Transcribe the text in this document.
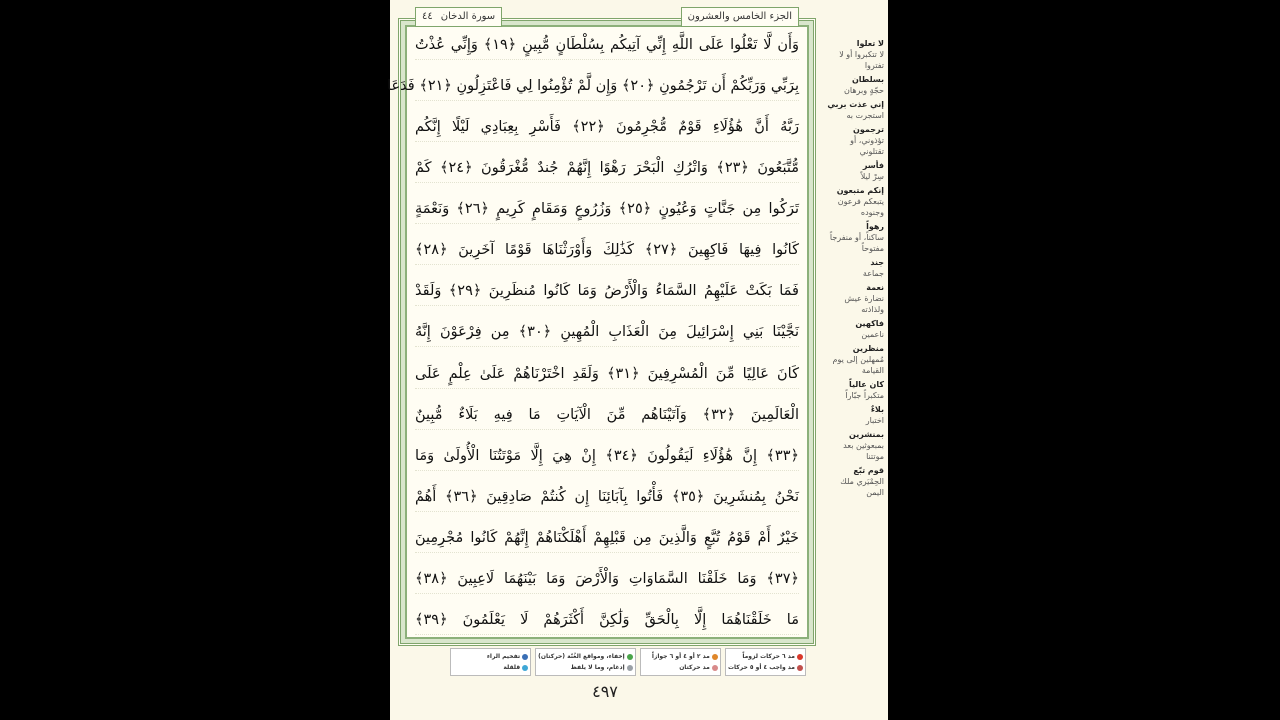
٤٤ سورة الدخان	الجزء الخامس والعشرون
وَأَن لَّا تَعْلُوا عَلَى اللَّهِ إِنِّي آتِيكُم بِسُلْطَانٍ مُّبِينٍ ﴿١٩﴾ وَإِنِّي عُذْتُ
بِرَبِّي وَرَبِّكُمْ أَن تَرْجُمُونِ ﴿٢٠﴾ وَإِن لَّمْ تُؤْمِنُوا لِي فَاعْتَزِلُونِ ﴿٢١﴾ فَدَعَا
رَبَّهُ أَنَّ هَٰؤُلَاءِ قَوْمٌ مُّجْرِمُونَ ﴿٢٢﴾ فَأَسْرِ بِعِبَادِي لَيْلًا إِنَّكُم
مُّتَّبَعُونَ ﴿٢٣﴾ وَاتْرُكِ الْبَحْرَ رَهْوًا إِنَّهُمْ جُندٌ مُّغْرَقُونَ ﴿٢٤﴾ كَمْ
تَرَكُوا مِن جَنَّاتٍ وَعُيُونٍ ﴿٢٥﴾ وَزُرُوعٍ وَمَقَامٍ كَرِيمٍ ﴿٢٦﴾ وَنَعْمَةٍ
كَانُوا فِيهَا فَاكِهِينَ ﴿٢٧﴾ كَذَٰلِكَ وَأَوْرَثْنَاهَا قَوْمًا آخَرِينَ ﴿٢٨﴾
فَمَا بَكَتْ عَلَيْهِمُ السَّمَاءُ وَالْأَرْضُ وَمَا كَانُوا مُنظَرِينَ ﴿٢٩﴾ وَلَقَدْ
نَجَّيْنَا بَنِي إِسْرَائِيلَ مِنَ الْعَذَابِ الْمُهِينِ ﴿٣٠﴾ مِن فِرْعَوْنَ إِنَّهُ
كَانَ عَالِيًا مِّنَ الْمُسْرِفِينَ ﴿٣١﴾ وَلَقَدِ اخْتَرْنَاهُمْ عَلَىٰ عِلْمٍ عَلَى
الْعَالَمِينَ ﴿٣٢﴾ وَآتَيْنَاهُم مِّنَ الْآيَاتِ مَا فِيهِ بَلَاءٌ مُّبِينٌ
﴿٣٣﴾ إِنَّ هَٰؤُلَاءِ لَيَقُولُونَ ﴿٣٤﴾ إِنْ هِيَ إِلَّا مَوْتَتُنَا الْأُولَىٰ وَمَا
نَحْنُ بِمُنشَرِينَ ﴿٣٥﴾ فَأْتُوا بِآبَائِنَا إِن كُنتُمْ صَادِقِينَ ﴿٣٦﴾ أَهُمْ
خَيْرٌ أَمْ قَوْمُ تُبَّعٍ وَالَّذِينَ مِن قَبْلِهِمْ أَهْلَكْنَاهُمْ إِنَّهُمْ كَانُوا مُجْرِمِينَ
﴿٣٧﴾ وَمَا خَلَقْنَا السَّمَاوَاتِ وَالْأَرْضَ وَمَا بَيْنَهُمَا لَاعِبِينَ ﴿٣٨﴾
مَا خَلَقْنَاهُمَا إِلَّا بِالْحَقِّ وَلَٰكِنَّ أَكْثَرَهُمْ لَا يَعْلَمُونَ ﴿٣٩﴾
مد ٦ حركات لزوماً
مد واجب ٤ أو ٥ حركات
مد ٢ أو ٤ أو ٦ جوازاً
مد حركتان
إخفاء، ومواقع الغُنّة (حركتان)
إدغام، وما لا يلفظ
تفخيم الراء
قلقلة
٤٩٧
لا تعلوا
لا تتكبروا أو لا تفتروا
بسلطان
حجّةٍ وبرهان
إني عذت بربي
استجرت به
ترجمون
تؤذوني، أو تقتلوني
فأسر
سِرْ ليلاً
إنكم متبعون
يتبعكم فرعون وجنوده
رهواً
ساكناً، أو منفرجاً مفتوحاً
جند
جماعة
نعمة
نضارة عيش ولذاذته
فاكهين
ناعمين
منظرين
مُمهلين إلى يوم القيامة
كان عالياً
متكبراً جبّاراً
بلاءٌ
اختبار
بمنشرين
بمبعوثين بعد موتتنا
قوم تبّع
الحِمْيَري ملك اليمن
